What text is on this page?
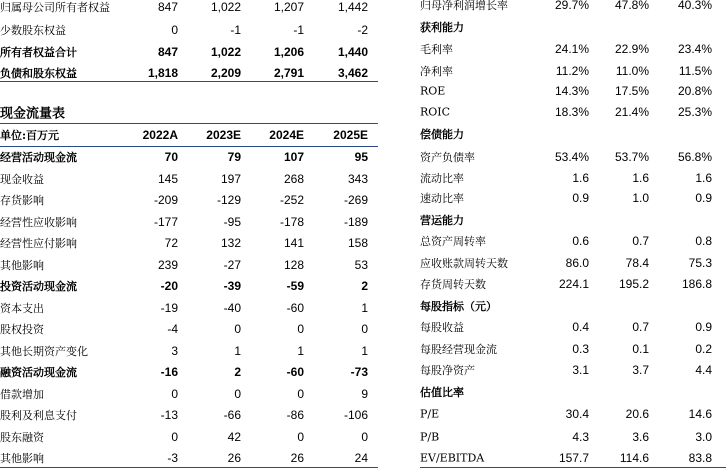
归属母公司所有者权益	847	1,022	1,207	1,442
少数股东权益	0	-1	-1	-2
所有者权益合计	847	1,022	1,206	1,440
负债和股东权益	1,818	2,209	2,791	3,462
现金流量表
单位:百万元	2022A 2023E 2024E 2025E
经营活动现金流	70	79	107	95
现金收益	145	197	268	343
存货影响	-209	-129	-252	-269
经营性应收影响	-177	-95	-178	-189
经营性应付影响	72	132	141	158
其他影响	239	-27	128	53
投资活动现金流	-20	-39	-59	2
资本支出	-19	-40	-60	1
股权投资	-4	0	0	0
其他长期资产变化	3	1	1	1
融资活动现金流	-16	2	-60	-73
借款增加	0	0	0	9
股利及利息支付	-13	-66	-86	-106
股东融资	0	42	0	0
其他影响	-3	26	26	24
归母净利润增长率	29.7% 47.8% 40.3%
获利能力
毛利率	24.1% 22.9% 23.4%
净利率	11.2% 11.0% 11.5%
ROE	14.3% 17.5% 20.8%
ROIC	18.3% 21.4% 25.3%
偿债能力
资产负债率	53.4% 53.7% 56.8%
流动比率	1.6	1.6	1.6
速动比率	0.9	1.0	0.9
营运能力
总资产周转率	0.6	0.7	0.8
应收账款周转天数	86.0	78.4	75.3
存货周转天数	224.1 195.2	186.8
每股指标（元）
每股收益	0.4	0.7	0.9
每股经营现金流	0.3	0.1	0.2
每股净资产	3.1	3.7	4.4
估值比率
P/E	30.4	20.6	14.6
P/B	4.3	3.6	3.0
EV/EBITDA	157.7	114.6	83.8
